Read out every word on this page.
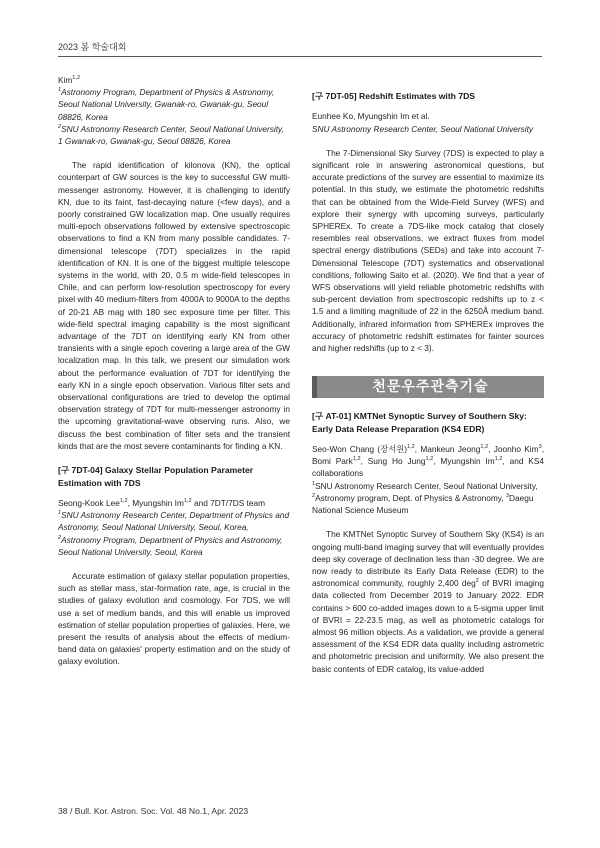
2023 봄 학술대회

Kim$^{1,2}$

$^1$Astronomy Program, Department of Physics & Astronomy, Seoul National University, Gwanak-ro, Gwanak-gu, Seoul 08826, Korea
$^2$SNU Astronomy Research Center, Seoul National University, 1 Gwanak-ro, Gwanak-gu, Seoul 08826, Korea

The rapid identification of kilonova (KN), the optical counterpart of GW sources is the key to successful GW multi-messenger astronomy. However, it is challenging to identify KN, due to its faint, fast-decaying nature (<few days), and a poorly constrained GW localization map. One usually requires multi-epoch observations followed by extensive spectroscopic observations to find a KN from many possible candidates. 7-dimensional telescope (7DT) specializes in the rapid identification of KN. It is one of the biggest multiple telescope systems in the world, with 20, 0.5 m wide-field telescopes in Chile, and can perform low-resolution spectroscopy for every pixel with 40 medium-filters from 4000A to 9000A to the depths of 20-21 AB mag with 180 sec exposure time per filter. This wide-field spectral imaging capability is the most significant advantage of the 7DT on identifying early KN from other transients with a single epoch covering a large area of the GW localization map. In this talk, we present our simulation work about the performance evaluation of 7DT for identifying the early KN in a single epoch observation. Various filter sets and observational configurations are tried to develop the optimal observation strategy of 7DT for multi-messenger astronomy in the upcoming gravitational-wave observing runs. Also, we discuss the best combination of filter sets and the transient kinds that are the most severe contaminants for finding a KN.

[구 7DT-04] Galaxy Stellar Population Parameter Estimation with 7DS

Seong-Kook Lee$^{1,2}$, Myungshin Im$^{1,2}$ and 7DT/7DS team

$^1$SNU Astronomy Research Center, Department of Physics and Astronomy, Seoul National University, Seoul, Korea, $^2$Astronomy Program, Department of Physics and Astronomy, Seoul National University, Seoul, Korea

Accurate estimation of galaxy stellar population properties, such as stellar mass, star-formation rate, age, is crucial in the studies of galaxy evolution and cosmology. For 7DS, we will use a set of medium bands, and this will enable us improved estimation of stellar population properties of galaxies. Here, we present the results of analysis about the effects of medium-band data on galaxies' property estimation and on the study of galaxy evolution.

[구 7DT-05] Redshift Estimates with 7DS

Eunhee Ko, Myungshin Im et al.

SNU Astronomy Research Center, Seoul National University

The 7-Dimensional Sky Survey (7DS) is expected to play a significant role in answering astronomical questions, but accurate predictions of the survey are essential to maximize its potential. In this study, we estimate the photometric redshifts that can be obtained from the Wide-Field Survey (WFS) and explore their synergy with upcoming surveys, particularly SPHEREx. To create a 7DS-like mock catalog that closely resembles real observations, we extract fluxes from model spectral energy distributions (SEDs) and take into account 7-Dimensional Telescope (7DT) systematics and observational conditions, following Saito et al. (2020). We find that a year of WFS observations will yield reliable photometric redshifts with sub-percent deviation from spectroscopic redshifts up to z < 1.5 and a limiting magnitude of 22 in the 6250Å medium band. Additionally, infrared information from SPHEREx improves the accuracy of photometric redshift estimates for fainter sources and higher redshifts (up to z < 3).

천문우주관측기술

[구 AT-01] KMTNet Synoptic Survey of Southern Sky: Early Data Release Preparation (KS4 EDR)

Seo-Won Chang (장서원)$^{1,2}$, Mankeun Jeong$^{1,2}$, Joonho Kim$^3$, Bomi Park$^{1,2}$, Sung Ho Jung$^{1,2}$, Myungshin Im$^{1,2}$, and KS4 collaborations

$^1$SNU Astronomy Research Center, Seoul National University, $^2$Astronomy program, Dept. of Physics & Astronomy, $^3$Daegu National Science Museum

The KMTNet Synoptic Survey of Southern Sky (KS4) is an ongoing multi-band imaging survey that will eventually provides deep sky coverage of declination less than -30 degree. We are now ready to distribute its Early Data Release (EDR) to the astronomical community, roughly 2,400 deg$^2$ of BVRI imaging data collected from December 2019 to January 2022. EDR contains > 600 co-added images down to a 5-sigma upper limit of BVRI = 22-23.5 mag, as well as photometric catalogs for almost 96 million objects. As a validation, we provide a general assessment of the KS4 EDR data quality including astrometric and photometric precision and uniformity. We also present the basic contents of EDR catalog, its value-added

38 / Bull. Kor. Astron. Soc. Vol. 48 No.1, Apr. 2023
